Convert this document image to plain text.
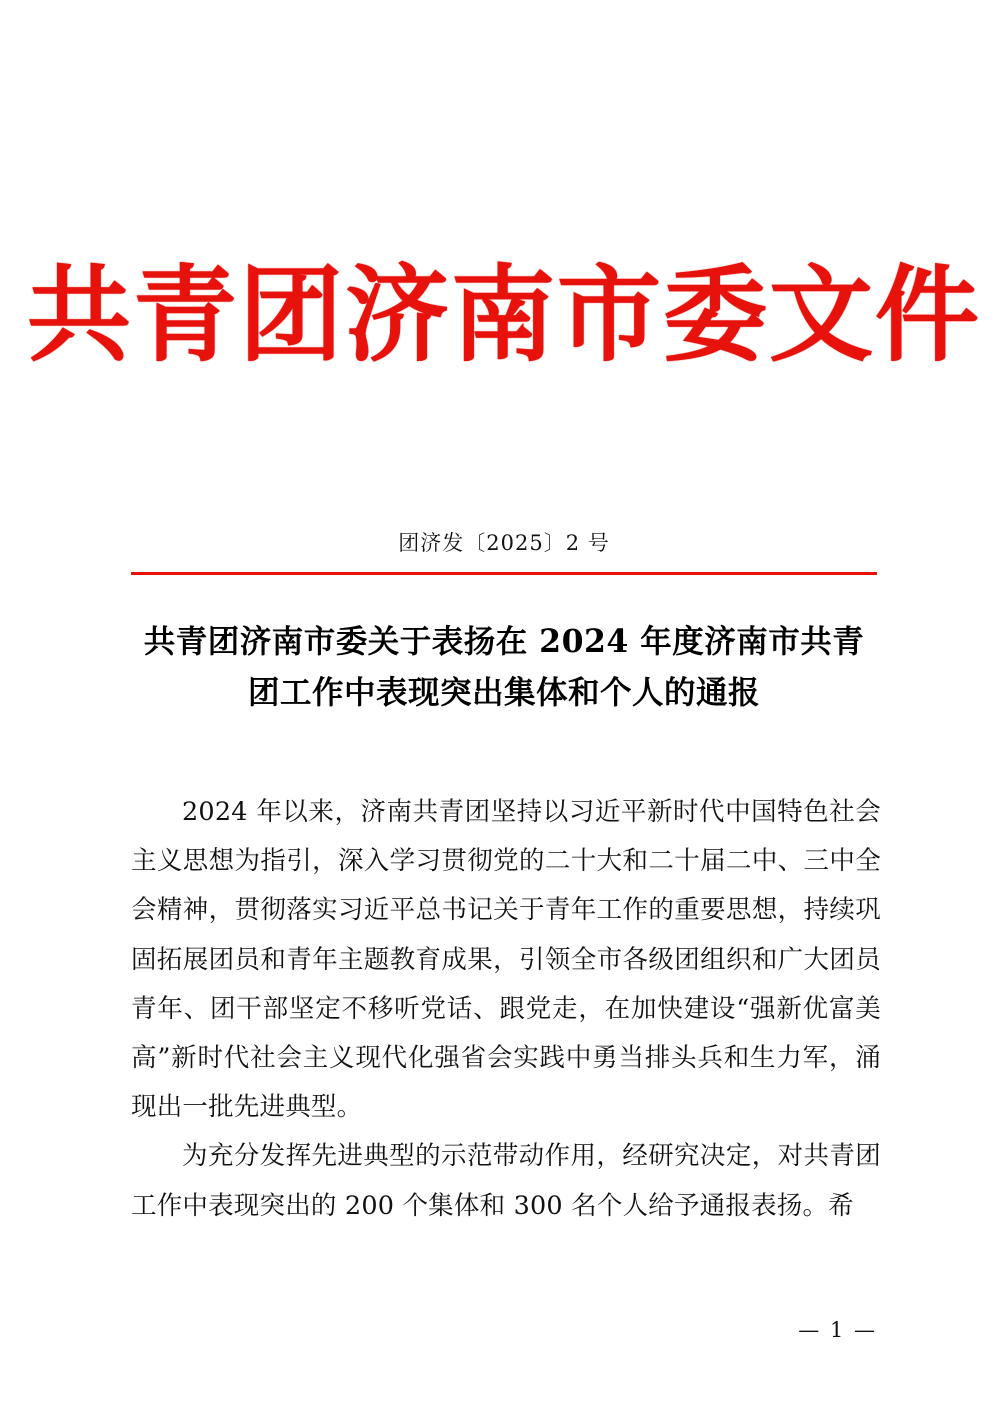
共青团济南市委文件
团济发〔2025〕2 号
共青团济南市委关于表扬在 2024 年度济南市共青团工作中表现突出集体和个人的通报

2024 年以来，济南共青团坚持以习近平新时代中国特色社会主义思想为指引，深入学习贯彻党的二十大和二十届二中、三中全会精神，贯彻落实习近平总书记关于青年工作的重要思想，持续巩固拓展团员和青年主题教育成果，引领全市各级团组织和广大团员青年、团干部坚定不移听党话、跟党走，在加快建设“强新优富美高”新时代社会主义现代化强省会实践中勇当排头兵和生力军，涌现出一批先进典型。

为充分发挥先进典型的示范带动作用，经研究决定，对共青团工作中表现突出的 200 个集体和 300 名个人给予通报表扬。希

— 1 —
